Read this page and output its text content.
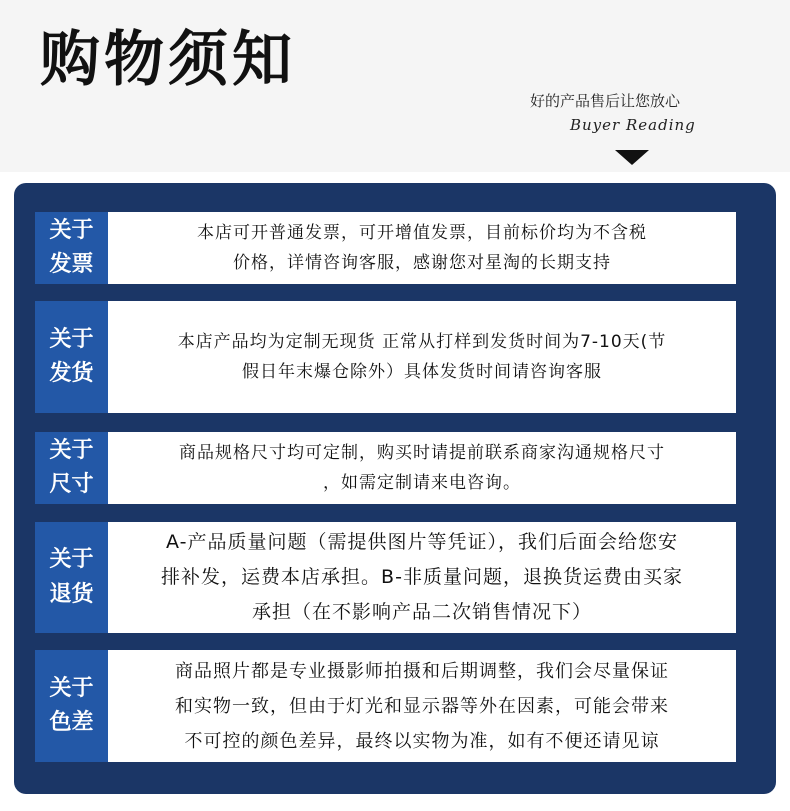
购物须知
好的产品售后让您放心
Buyer Reading
关于
发票
本店可开普通发票，可开增值发票，目前标价均为不含税
价格，详情咨询客服，感谢您对星淘的长期支持
关于
发货
本店产品均为定制无现货 正常从打样到发货时间为7-10天(节
假日年末爆仓除外）具体发货时间请咨询客服
关于
尺寸
商品规格尺寸均可定制，购买时请提前联系商家沟通规格尺寸
，如需定制请来电咨询。
关于
退货
A-产品质量问题（需提供图片等凭证），我们后面会给您安
排补发，运费本店承担。B-非质量问题，退换货运费由买家
承担（在不影响产品二次销售情况下）
关于
色差
商品照片都是专业摄影师拍摄和后期调整，我们会尽量保证
和实物一致，但由于灯光和显示器等外在因素，可能会带来
不可控的颜色差异，最终以实物为准，如有不便还请见谅
